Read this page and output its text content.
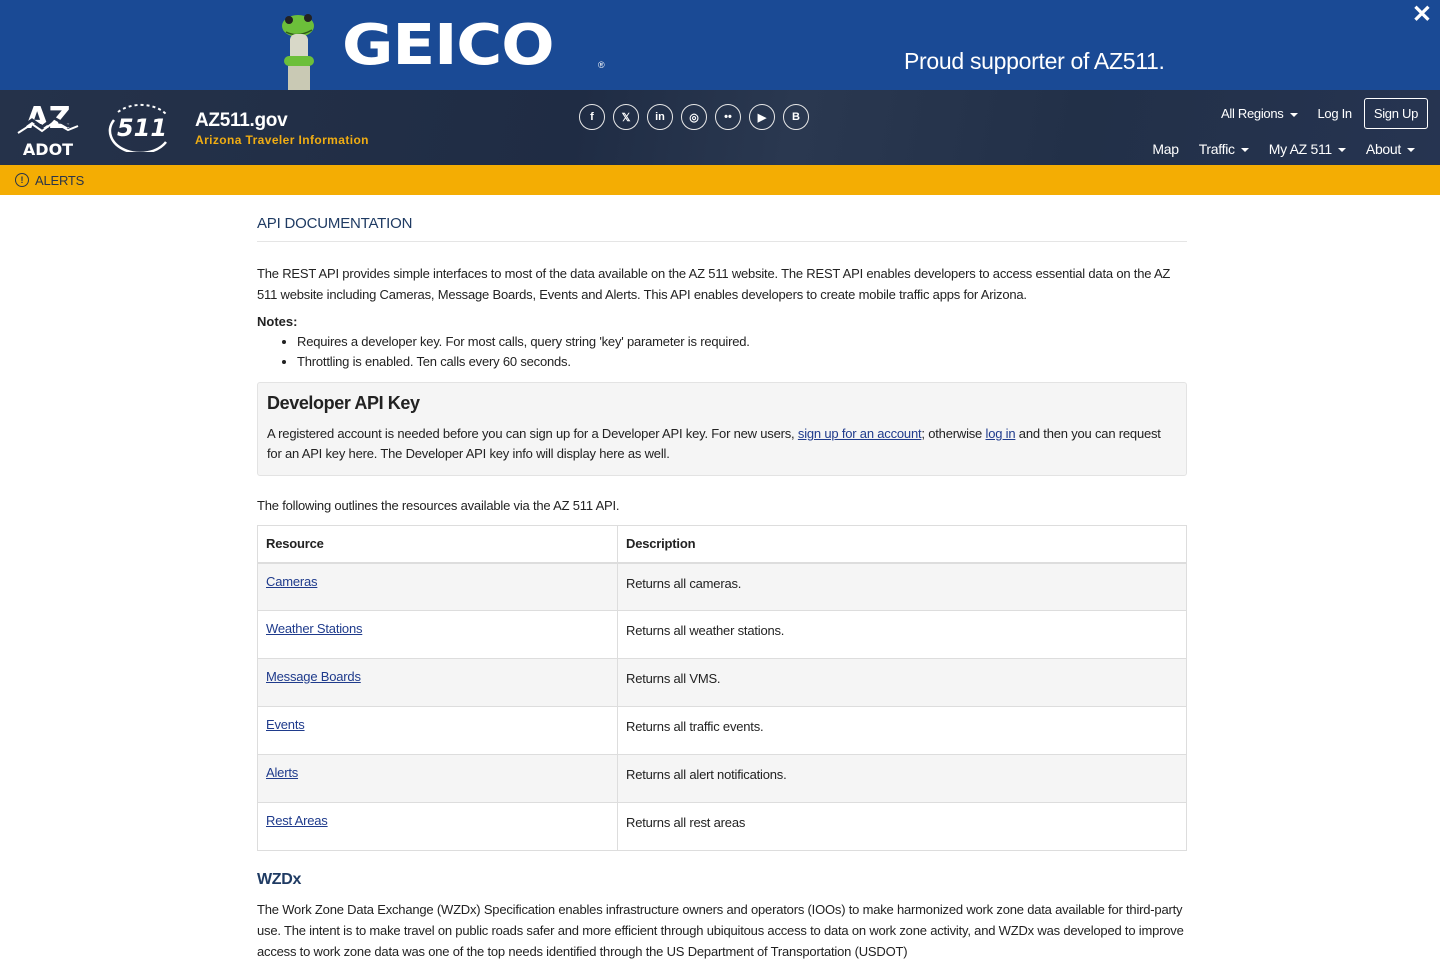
GEICO	®	Proud supporter of AZ511.
✕
AZ
ADOT
511 AZ511.gov
Arizona Traveler Information
f	𝕏	in	◎	••	▶	B	All Regions	Log In	Sign Up
Map Traffic	My AZ 511	About
! ALERTS
API DOCUMENTATION

The REST API provides simple interfaces to most of the data available on the AZ 511 website. The REST API enables developers to access essential data on the AZ 511 website including Cameras, Message Boards, Events and Alerts. This API enables developers to create mobile traffic apps for Arizona.

Notes:
• Requires a developer key. For most calls, query string 'key' parameter is required.
• Throttling is enabled. Ten calls every 60 seconds.
Developer API Key

A registered account is needed before you can sign up for a Developer API key. For new users, sign up for an account; otherwise log in and then you can request for an API key here. The Developer API key info will display here as well.

The following outlines the resources available via the AZ 511 API.

Resource	Description
Cameras	Returns all cameras.
Weather Stations	Returns all weather stations.
Message Boards	Returns all VMS.
Events	Returns all traffic events.
Alerts	Returns all alert notifications.
Rest Areas	Returns all rest areas
WZDx

The Work Zone Data Exchange (WZDx) Specification enables infrastructure owners and operators (IOOs) to make harmonized work zone data available for third-party use. The intent is to make travel on public roads safer and more efficient through ubiquitous access to data on work zone activity, and WZDx was developed to improve access to work zone data was one of the top needs identified through the US Department of Transportation (USDOT)
